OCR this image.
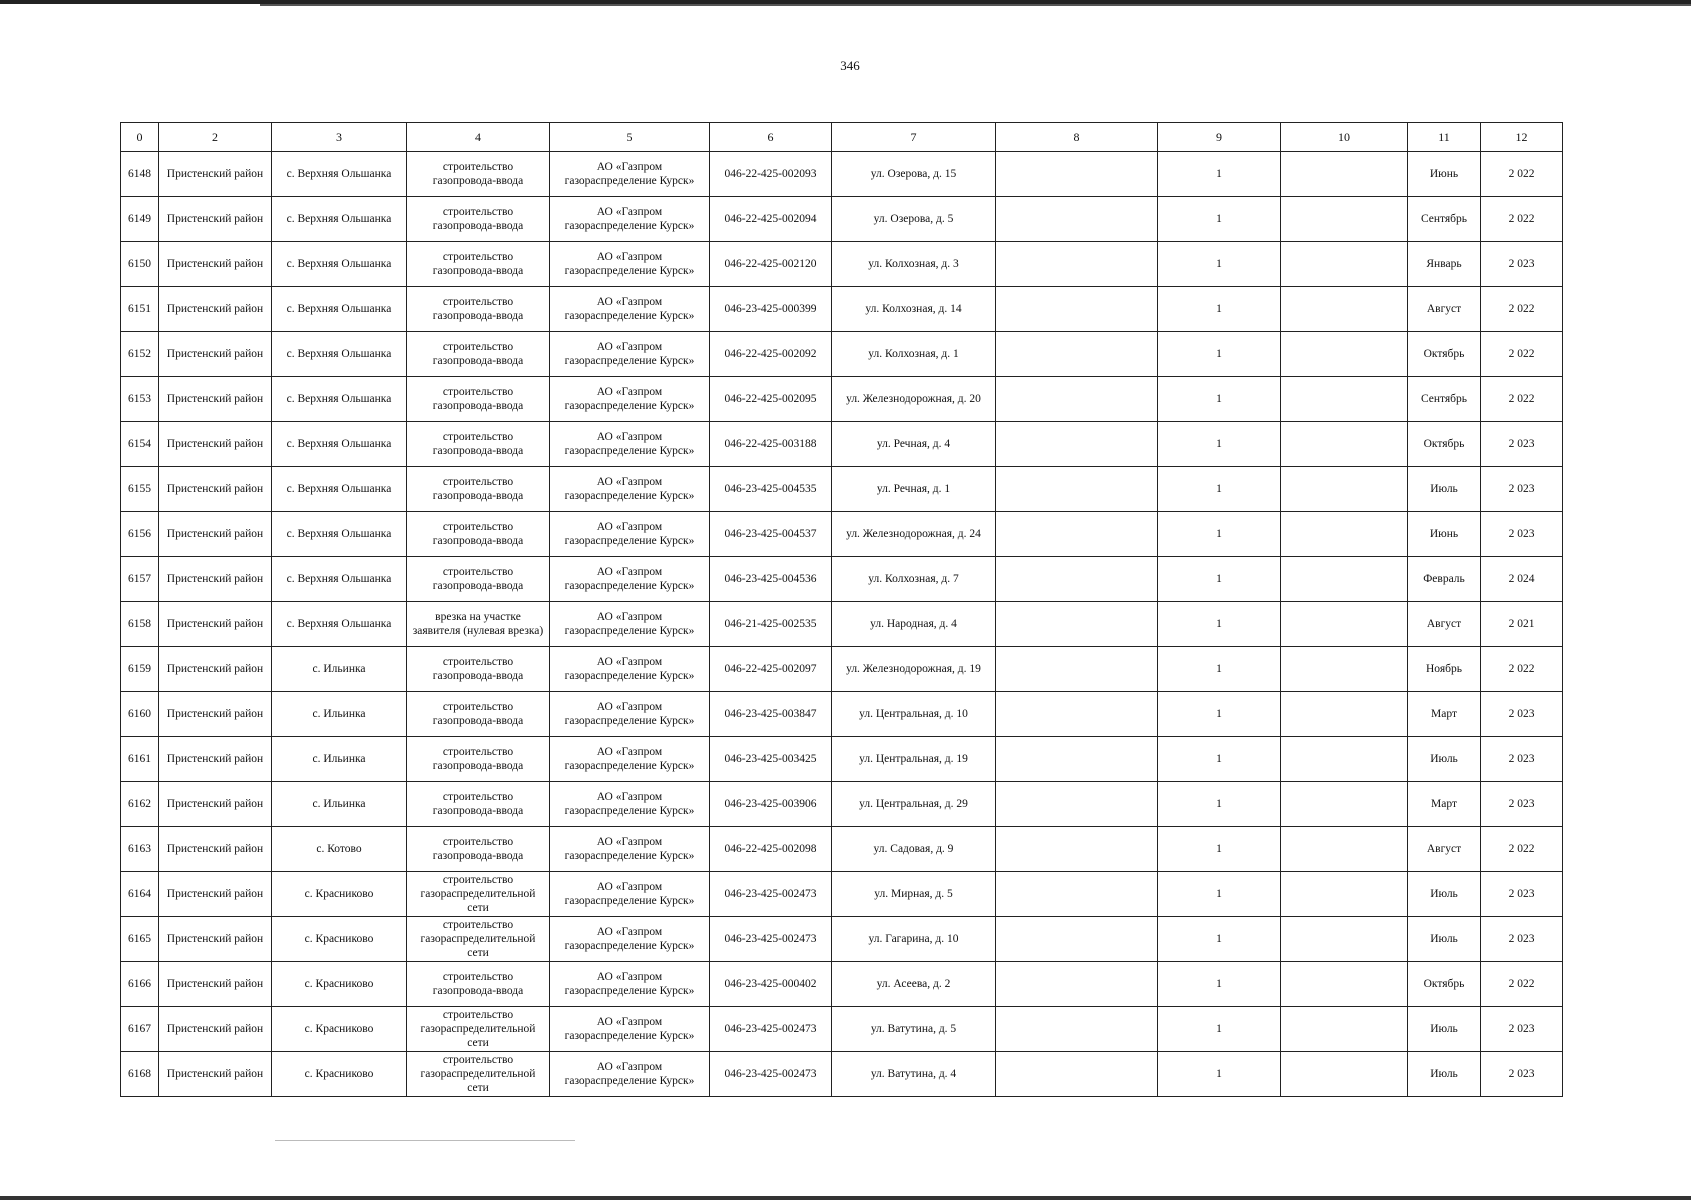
346
0	2	3	4	5	6	7	8	9	10	11	12
6148	Пристенский район	с. Верхняя Ольшанка	строительство газопровода-ввода	АО «Газпром газораспределение Курск»	046-22-425-002093	ул. Озерова, д. 15		1		Июнь	2 022
6149	Пристенский район	с. Верхняя Ольшанка	строительство газопровода-ввода	АО «Газпром газораспределение Курск»	046-22-425-002094	ул. Озерова, д. 5		1		Сентябрь	2 022
6150	Пристенский район	с. Верхняя Ольшанка	строительство газопровода-ввода	АО «Газпром газораспределение Курск»	046-22-425-002120	ул. Колхозная, д. 3		1		Январь	2 023
6151	Пристенский район	с. Верхняя Ольшанка	строительство газопровода-ввода	АО «Газпром газораспределение Курск»	046-23-425-000399	ул. Колхозная, д. 14		1		Август	2 022
6152	Пристенский район	с. Верхняя Ольшанка	строительство газопровода-ввода	АО «Газпром газораспределение Курск»	046-22-425-002092	ул. Колхозная, д. 1		1		Октябрь	2 022
6153	Пристенский район	с. Верхняя Ольшанка	строительство газопровода-ввода	АО «Газпром газораспределение Курск»	046-22-425-002095	ул. Железнодорожная, д. 20		1		Сентябрь	2 022
6154	Пристенский район	с. Верхняя Ольшанка	строительство газопровода-ввода	АО «Газпром газораспределение Курск»	046-22-425-003188	ул. Речная, д. 4		1		Октябрь	2 023
6155	Пристенский район	с. Верхняя Ольшанка	строительство газопровода-ввода	АО «Газпром газораспределение Курск»	046-23-425-004535	ул. Речная, д. 1		1		Июль	2 023
6156	Пристенский район	с. Верхняя Ольшанка	строительство газопровода-ввода	АО «Газпром газораспределение Курск»	046-23-425-004537	ул. Железнодорожная, д. 24		1		Июнь	2 023
6157	Пристенский район	с. Верхняя Ольшанка	строительство газопровода-ввода	АО «Газпром газораспределение Курск»	046-23-425-004536	ул. Колхозная, д. 7		1		Февраль	2 024
6158	Пристенский район	с. Верхняя Ольшанка	врезка на участке заявителя (нулевая врезка)	АО «Газпром газораспределение Курск»	046-21-425-002535	ул. Народная, д. 4		1		Август	2 021
6159	Пристенский район	с. Ильинка	строительство газопровода-ввода	АО «Газпром газораспределение Курск»	046-22-425-002097	ул. Железнодорожная, д. 19		1		Ноябрь	2 022
6160	Пристенский район	с. Ильинка	строительство газопровода-ввода	АО «Газпром газораспределение Курск»	046-23-425-003847	ул. Центральная, д. 10		1		Март	2 023
6161	Пристенский район	с. Ильинка	строительство газопровода-ввода	АО «Газпром газораспределение Курск»	046-23-425-003425	ул. Центральная, д. 19		1		Июль	2 023
6162	Пристенский район	с. Ильинка	строительство газопровода-ввода	АО «Газпром газораспределение Курск»	046-23-425-003906	ул. Центральная, д. 29		1		Март	2 023
6163	Пристенский район	с. Котово	строительство газопровода-ввода	АО «Газпром газораспределение Курск»	046-22-425-002098	ул. Садовая, д. 9		1		Август	2 022
6164	Пристенский район	с. Красниково	строительство газораспределительной сети	АО «Газпром газораспределение Курск»	046-23-425-002473	ул. Мирная, д. 5		1		Июль	2 023
6165	Пристенский район	с. Красниково	строительство газораспределительной сети	АО «Газпром газораспределение Курск»	046-23-425-002473	ул. Гагарина, д. 10		1		Июль	2 023
6166	Пристенский район	с. Красниково	строительство газопровода-ввода	АО «Газпром газораспределение Курск»	046-23-425-000402	ул. Асеева, д. 2		1		Октябрь	2 022
6167	Пристенский район	с. Красниково	строительство газораспределительной сети	АО «Газпром газораспределение Курск»	046-23-425-002473	ул. Ватутина, д. 5		1		Июль	2 023
6168	Пристенский район	с. Красниково	строительство газораспределительной сети	АО «Газпром газораспределение Курск»	046-23-425-002473	ул. Ватутина, д. 4		1		Июль	2 023
